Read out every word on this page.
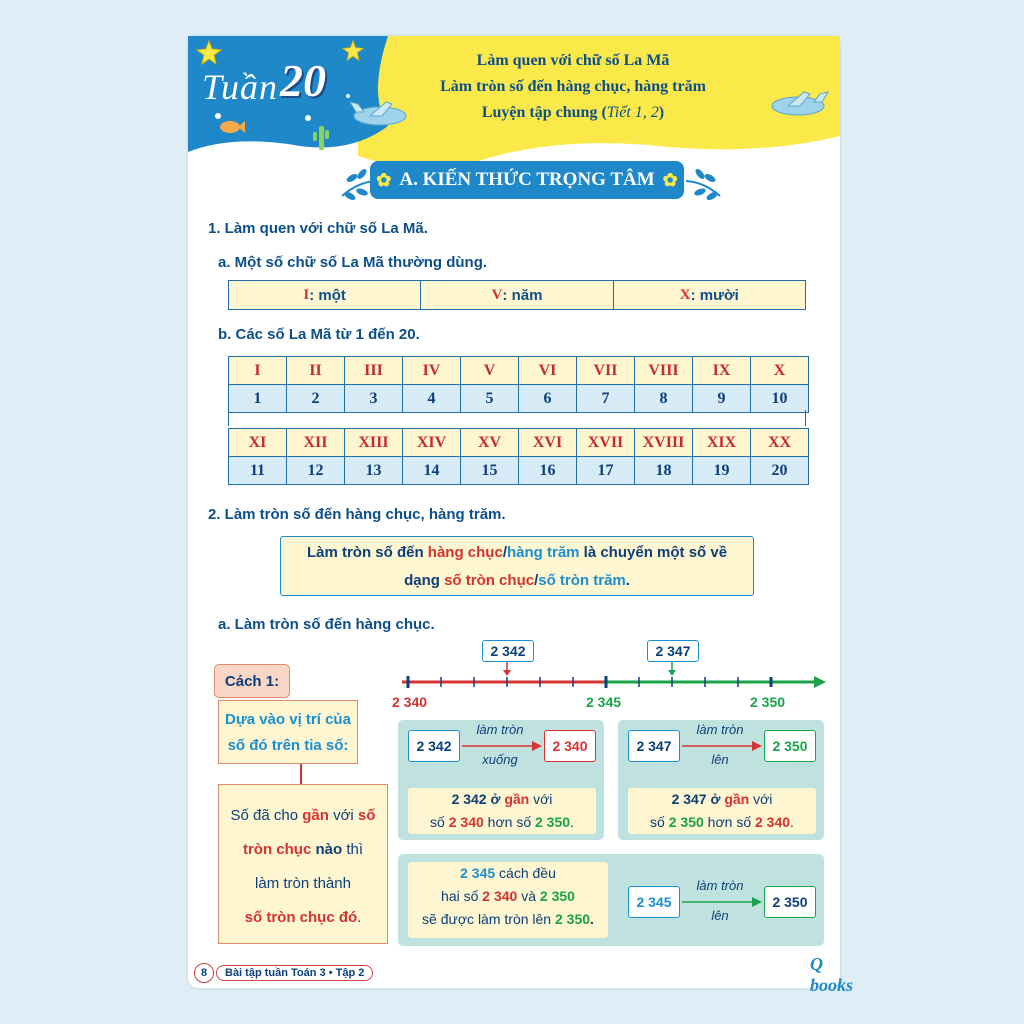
Tuần 20	Làm quen với chữ số La Mã
Làm tròn số đến hàng chục, hàng trăm
Luyện tập chung (Tiết 1, 2)
✿ A. KIẾN THỨC TRỌNG TÂM ✿
1. Làm quen với chữ số La Mã.
a. Một số chữ số La Mã thường dùng.
I : một	V : năm	X : mười
b. Các số La Mã từ 1 đến 20.
I	II	III	IV	V	VI	VII	VIII	IX	X
1	2	3	4	5	6	7	8	9	10
XI	XII	XIII	XIV	XV	XVI	XVII	XVIII	XIX	XX
11	12	13	14	15	16	17	18	19	20
2. Làm tròn số đến hàng chục, hàng trăm.
Làm tròn số đến hàng chục/hàng trăm là chuyển một số về
dạng số tròn chục/số tròn trăm.
a. Làm tròn số đến hàng chục.
Cách 1:
Dựa vào vị trí của số đó trên tia số:
Số đã cho gần với số
tròn chục nào thì
làm tròn thành
số tròn chục đó.
2 342	2 347
2 340	2 345	2 350
2 342	2 340
làm tròn
xuống
2 342 ở gần với
số 2 340 hơn số 2 350.
2 347	2 350
làm tròn
lên
2 347 ở gần với
số 2 350 hơn số 2 340.
2 345 cách đều
hai số 2 340 và 2 350
sẽ được làm tròn lên 2 350.
2 345	2 350
làm tròn
lên
8	Bài tập tuần Toán 3 • Tập 2	Q books
